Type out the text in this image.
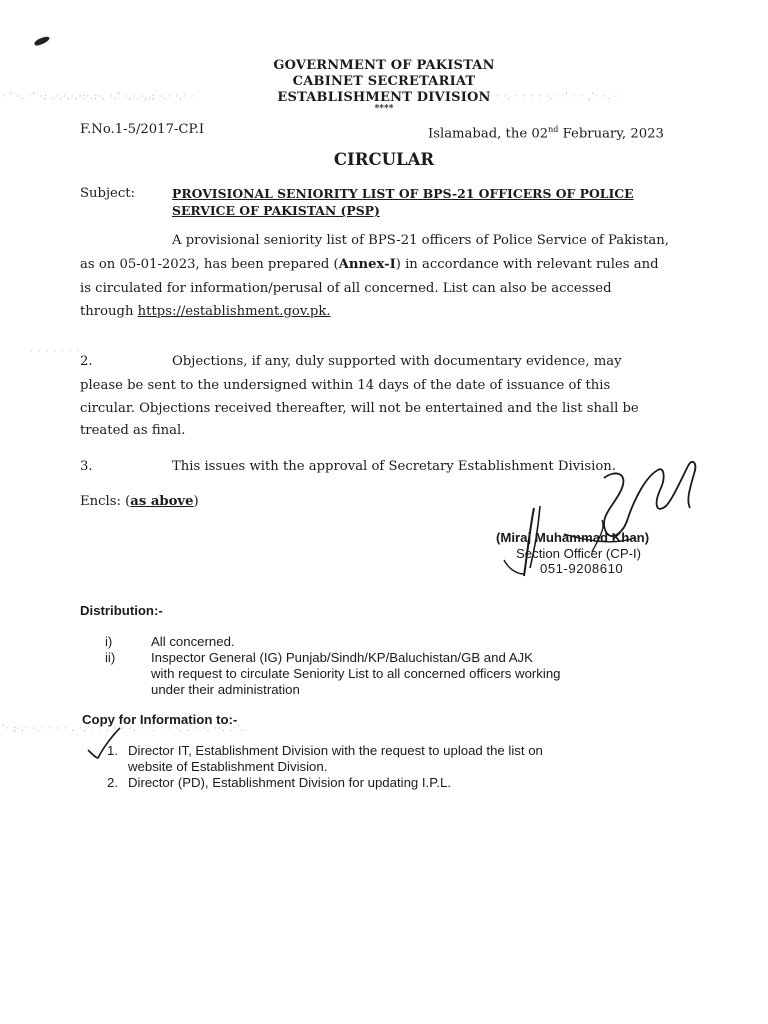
· ' ·. ·' ·; .·.·,·,·:·.;·. ·.' ·,·.·,.; ·.· ·,· ·	· · ·. · · · · ·.· ·' · · ,'· ·. ·
'· ;·.· ·.· · · · . ·. · · . · · ·. · ·. · · ·. . · ·. ··. .·'.
GOVERNMENT OF PAKISTAN
CABINET SECRETARIAT
ESTABLISHMENT DIVISION
****
F.No.1-5/2017-CP.I	Islamabad, the 02nd February, 2023
CIRCULAR
Subject:	PROVISIONAL SENIORITY LIST OF BPS-21 OFFICERS OF POLICE
SERVICE OF PAKISTAN (PSP)
A provisional seniority list of BPS-21 officers of Police Service of Pakistan,
as on 05-01-2023, has been prepared (Annex-I) in accordance with relevant rules and
is circulated for information/perusal of all concerned. List can also be accessed
through https://establishment.gov.pk.
· · · · · · ·
2.	Objections, if any, duly supported with documentary evidence, may
please be sent to the undersigned within 14 days of the date of issuance of this
circular. Objections received thereafter, will not be entertained and the list shall be
treated as final.
3.	This issues with the approval of Secretary Establishment Division.
Encls: (as above)
(Miraj Muhammad Khan)
Section Officer (CP-I)
051-9208610
Distribution:-
i)	All concerned.
ii)	Inspector General (IG) Punjab/Sindh/KP/Baluchistan/GB and AJK
with request to circulate Seniority List to all concerned officers working
under their administration
Copy for Information to:-
1. Director IT, Establishment Division with the request to upload the list on
website of Establishment Division.
2. Director (PD), Establishment Division for updating I.P.L.
